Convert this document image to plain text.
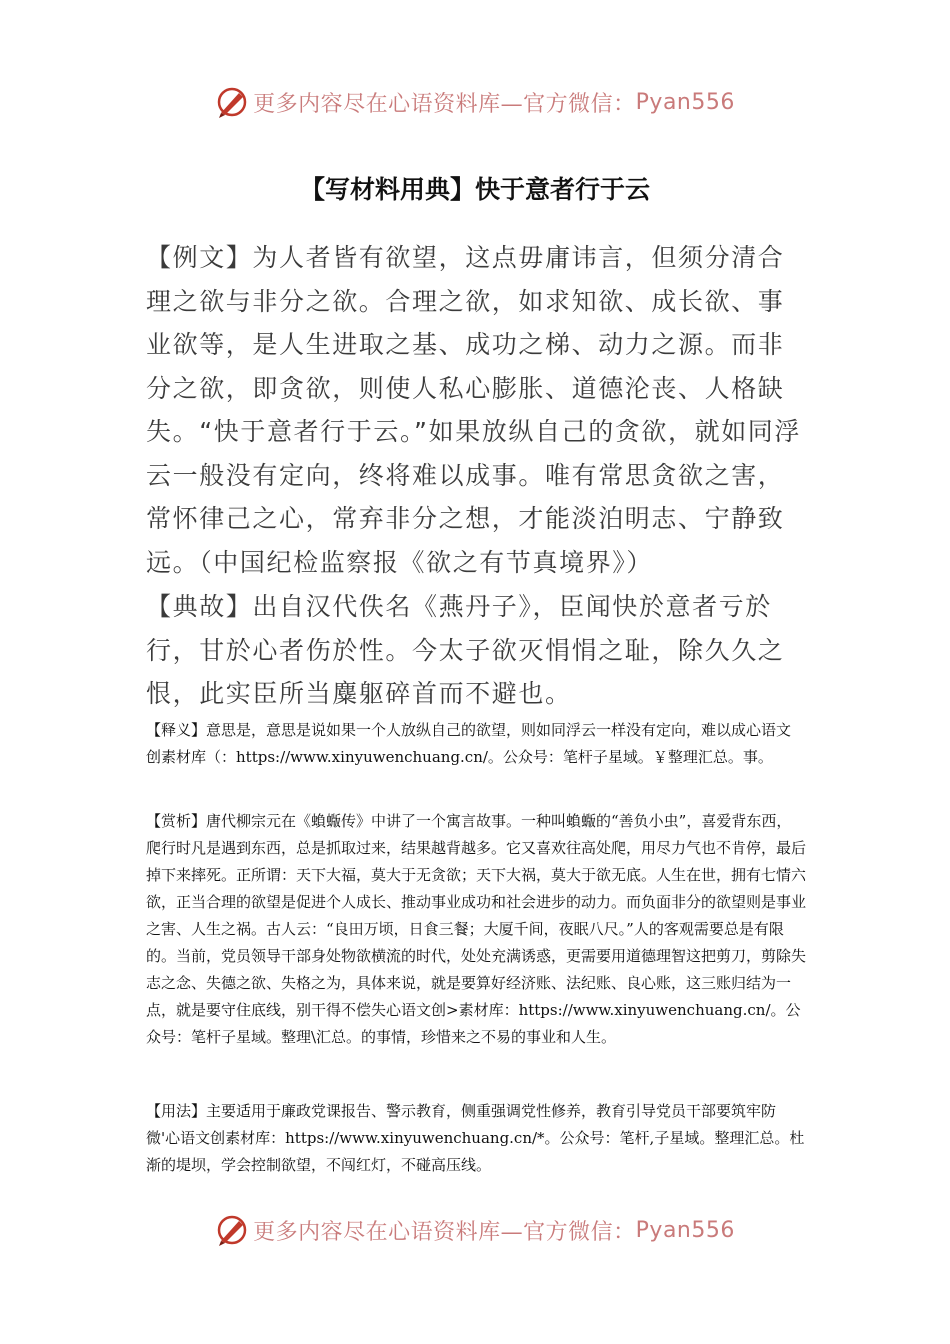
更多内容尽在心语资料库—官方微信： Pyan556
【写材料用典】快于意者行于云
【例文】为人者皆有欲望，这点毋庸讳言，但须分清合理之欲与非分之欲。合理之欲，如求知欲、成长欲、事业欲等，是人生进取之基、成功之梯、动力之源。而非分之欲，即贪欲，则使人私心膨胀、道德沦丧、人格缺失。“快于意者行于云。”如果放纵自己的贪欲，就如同浮云一般没有定向，终将难以成事。唯有常思贪欲之害，常怀律己之心，常弃非分之想，才能淡泊明志、宁静致远。（中国纪检监察报《欲之有节真境界》）
【典故】出自汉代佚名《燕丹子》，臣闻快於意者亏於行，甘於心者伤於性。今太子欲灭悁悁之耻，除久久之恨，此实臣所当麋躯碎首而不避也。
【释义】意思是，意思是说如果一个人放纵自己的欲望，则如同浮云一样没有定向，难以成心语文创素材库（：https://www.xinyuwenchuang.cn/。公众号：笔杆子星域。￥整理汇总。事。
【赏析】唐代柳宗元在《蝜蝂传》中讲了一个寓言故事。一种叫蝜蝂的“善负小虫”，喜爱背东西，爬行时凡是遇到东西，总是抓取过来，结果越背越多。它又喜欢往高处爬，用尽力气也不肯停，最后掉下来摔死。正所谓：天下大福，莫大于无贪欲；天下大祸，莫大于欲无底。人生在世，拥有七情六欲，正当合理的欲望是促进个人成长、推动事业成功和社会进步的动力。而负面非分的欲望则是事业之害、人生之祸。古人云：“良田万顷，日食三餐；大厦千间，夜眠八尺。”人的客观需要总是有限的。当前，党员领导干部身处物欲横流的时代，处处充满诱惑，更需要用道德理智这把剪刀，剪除失志之念、失德之欲、失格之为，具体来说，就是要算好经济账、法纪账、良心账，这三账归结为一点，就是要守住底线，别干得不偿失心语文创>素材库：https://www.xinyuwenchuang.cn/。公众号：笔杆子星域。整理\汇总。的事情，珍惜来之不易的事业和人生。
【用法】主要适用于廉政党课报告、警示教育，侧重强调党性修养，教育引导党员干部要筑牢防微'心语文创素材库：https://www.xinyuwenchuang.cn/*。公众号：笔杆,子星域。整理汇总。杜渐的堤坝，学会控制欲望，不闯红灯，不碰高压线。
更多内容尽在心语资料库—官方微信： Pyan556
